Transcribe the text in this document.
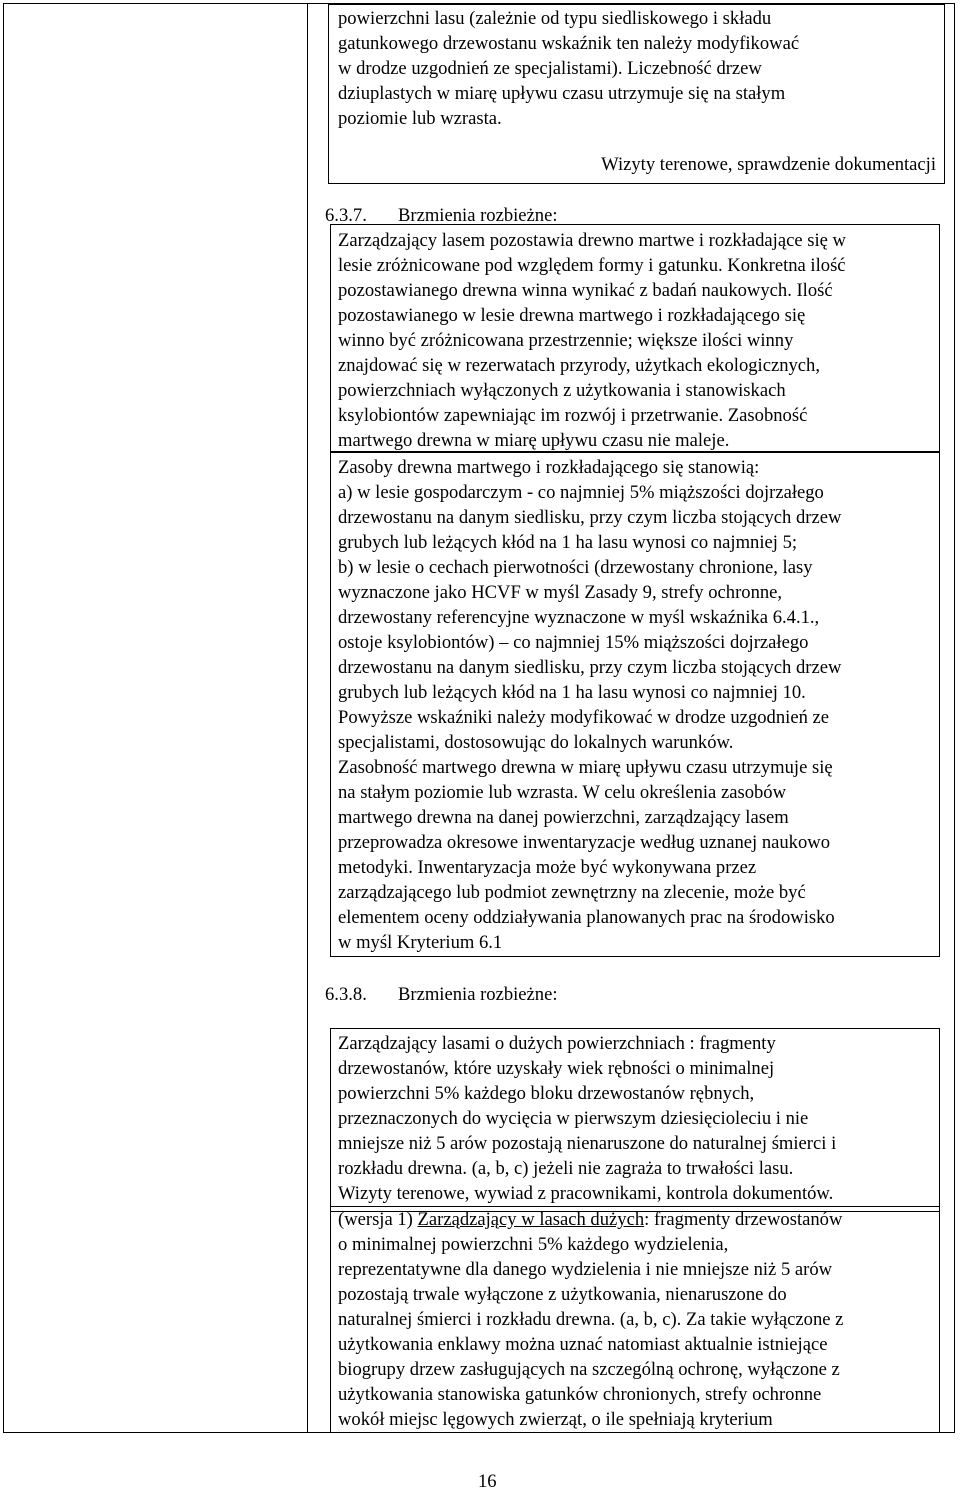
powierzchni lasu (zależnie od typu siedliskowego i składu
gatunkowego drzewostanu wskaźnik ten należy modyfikować
w drodze uzgodnień ze specjalistami). Liczebność drzew
dziuplastych w miarę upływu czasu utrzymuje się na stałym
poziomie lub wzrasta.
Wizyty terenowe, sprawdzenie dokumentacji
6.3.7. Brzmienia rozbieżne:
Zarządzający lasem pozostawia drewno martwe i rozkładające się w
lesie zróżnicowane pod względem formy i gatunku. Konkretna ilość
pozostawianego drewna winna wynikać z badań naukowych. Ilość
pozostawianego w lesie drewna martwego i rozkładającego się
winno być zróżnicowana przestrzennie; większe ilości winny
znajdować się w rezerwatach przyrody, użytkach ekologicznych,
powierzchniach wyłączonych z użytkowania i stanowiskach
ksylobiontów zapewniając im rozwój i przetrwanie. Zasobność
martwego drewna w miarę upływu czasu nie maleje.
Zasoby drewna martwego i rozkładającego się stanowią:
a) w lesie gospodarczym - co najmniej 5% miąższości dojrzałego
drzewostanu na danym siedlisku, przy czym liczba stojących drzew
grubych lub leżących kłód na 1 ha lasu wynosi co najmniej 5;
b) w lesie o cechach pierwotności (drzewostany chronione, lasy
wyznaczone jako HCVF w myśl Zasady 9, strefy ochronne,
drzewostany referencyjne wyznaczone w myśl wskaźnika 6.4.1.,
ostoje ksylobiontów) – co najmniej 15% miąższości dojrzałego
drzewostanu na danym siedlisku, przy czym liczba stojących drzew
grubych lub leżących kłód na 1 ha lasu wynosi co najmniej 10.
Powyższe wskaźniki należy modyfikować w drodze uzgodnień ze
specjalistami, dostosowując do lokalnych warunków.
Zasobność martwego drewna w miarę upływu czasu utrzymuje się
na stałym poziomie lub wzrasta. W celu określenia zasobów
martwego drewna na danej powierzchni, zarządzający lasem
przeprowadza okresowe inwentaryzacje według uznanej naukowo
metodyki. Inwentaryzacja może być wykonywana przez
zarządzającego lub podmiot zewnętrzny na zlecenie, może być
elementem oceny oddziaływania planowanych prac na środowisko
w myśl Kryterium 6.1
6.3.8. Brzmienia rozbieżne:
Zarządzający lasami o dużych powierzchniach : fragmenty
drzewostanów, które uzyskały wiek rębności o minimalnej
powierzchni 5% każdego bloku drzewostanów rębnych,
przeznaczonych do wycięcia w pierwszym dziesięcioleciu i nie
mniejsze niż 5 arów pozostają nienaruszone do naturalnej śmierci i
rozkładu drewna. (a, b, c) jeżeli nie zagraża to trwałości lasu.
Wizyty terenowe, wywiad z pracownikami, kontrola dokumentów.
(wersja 1) Zarządzający w lasach dużych: fragmenty drzewostanów
o minimalnej powierzchni 5% każdego wydzielenia,
reprezentatywne dla danego wydzielenia i nie mniejsze niż 5 arów
pozostają trwale wyłączone z użytkowania, nienaruszone do
naturalnej śmierci i rozkładu drewna. (a, b, c). Za takie wyłączone z
użytkowania enklawy można uznać natomiast aktualnie istniejące
biogrupy drzew zasługujących na szczególną ochronę, wyłączone z
użytkowania stanowiska gatunków chronionych, strefy ochronne
wokół miejsc lęgowych zwierząt, o ile spełniają kryterium
16
